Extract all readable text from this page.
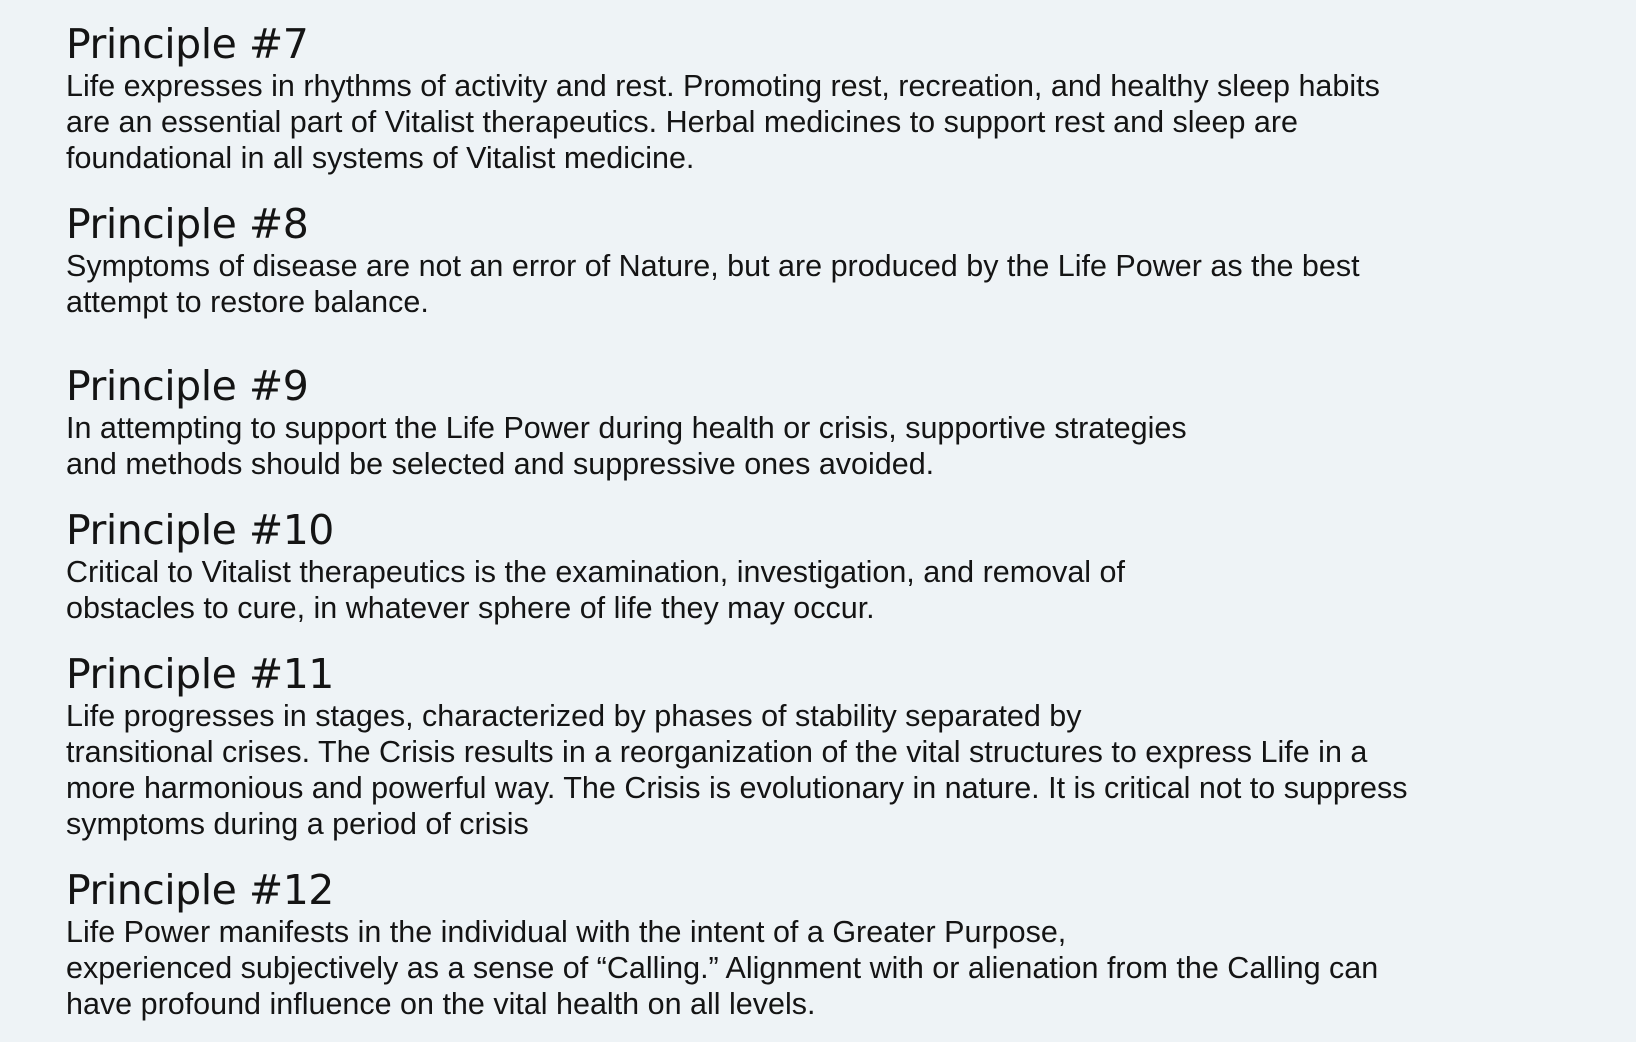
Principle #7

Life expresses in rhythms of activity and rest. Promoting rest, recreation, and healthy sleep habits
are an essential part of Vitalist therapeutics. Herbal medicines to support rest and sleep are
foundational in all systems of Vitalist medicine.

Principle #8

Symptoms of disease are not an error of Nature, but are produced by the Life Power as the best
attempt to restore balance.

Principle #9

In attempting to support the Life Power during health or crisis, supportive strategies
and methods should be selected and suppressive ones avoided.

Principle #10

Critical to Vitalist therapeutics is the examination, investigation, and removal of
obstacles to cure, in whatever sphere of life they may occur.

Principle #11

Life progresses in stages, characterized by phases of stability separated by
transitional crises. The Crisis results in a reorganization of the vital structures to express Life in a
more harmonious and powerful way. The Crisis is evolutionary in nature. It is critical not to suppress
symptoms during a period of crisis

Principle #12

Life Power manifests in the individual with the intent of a Greater Purpose,
experienced subjectively as a sense of “Calling.” Alignment with or alienation from the Calling can
have profound influence on the vital health on all levels.
